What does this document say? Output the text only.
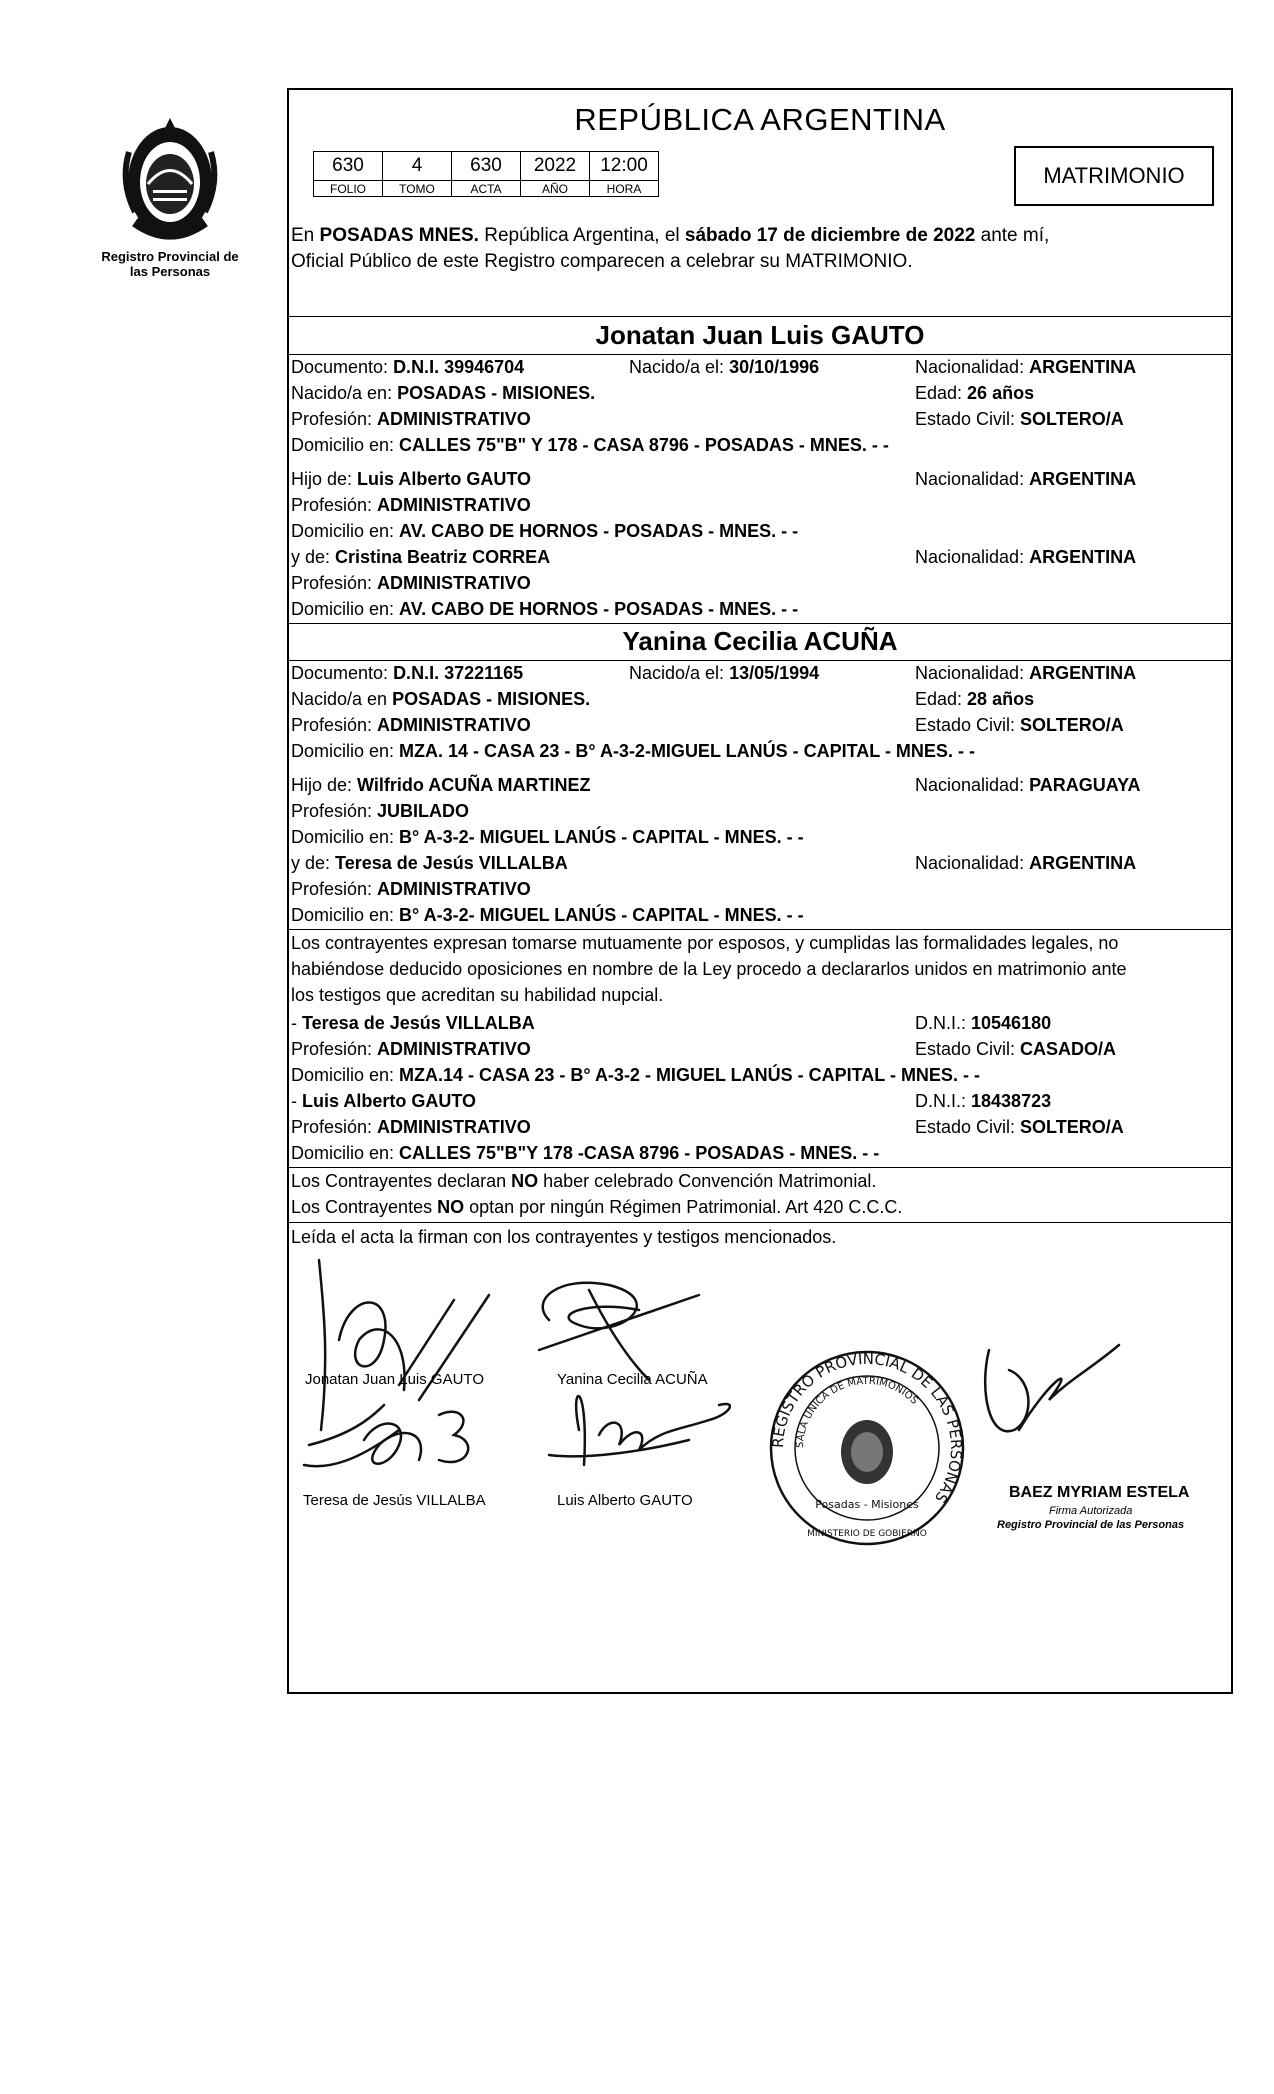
Registro Provincial de las Personas
REPÚBLICA ARGENTINA
630	4	630	2022	12:00
FOLIO	TOMO	ACTA	AÑO	HORA
MATRIMONIO
En POSADAS MNES. República Argentina, el sábado 17 de diciembre de 2022 ante mí,
Oficial Público de este Registro comparecen a celebrar su MATRIMONIO.
Jonatan Juan Luis GAUTO
Documento: D.N.I. 39946704	Nacido/a el: 30/10/1996	Nacionalidad: ARGENTINA
Nacido/a en: POSADAS - MISIONES.	Edad: 26 años
Profesión: ADMINISTRATIVO	Estado Civil: SOLTERO/A
Domicilio en: CALLES 75"B" Y 178 - CASA 8796 - POSADAS - MNES. - -
Hijo de: Luis Alberto GAUTO	Nacionalidad: ARGENTINA
Profesión: ADMINISTRATIVO
Domicilio en: AV. CABO DE HORNOS - POSADAS - MNES. - -
y de: Cristina Beatriz CORREA	Nacionalidad: ARGENTINA
Profesión: ADMINISTRATIVO
Domicilio en: AV. CABO DE HORNOS - POSADAS - MNES. - -
Yanina Cecilia ACUÑA
Documento: D.N.I. 37221165	Nacido/a el: 13/05/1994	Nacionalidad: ARGENTINA
Nacido/a en POSADAS - MISIONES.	Edad: 28 años
Profesión: ADMINISTRATIVO	Estado Civil: SOLTERO/A
Domicilio en: MZA. 14 - CASA 23 - B° A-3-2-MIGUEL LANÚS - CAPITAL - MNES. - -
Hijo de: Wilfrido ACUÑA MARTINEZ	Nacionalidad: PARAGUAYA
Profesión: JUBILADO
Domicilio en: B° A-3-2- MIGUEL LANÚS - CAPITAL - MNES. - -
y de: Teresa de Jesús VILLALBA	Nacionalidad: ARGENTINA
Profesión: ADMINISTRATIVO
Domicilio en: B° A-3-2- MIGUEL LANÚS - CAPITAL - MNES. - -
Los contrayentes expresan tomarse mutuamente por esposos, y cumplidas las formalidades legales, no
habiéndose deducido oposiciones en nombre de la Ley procedo a declararlos unidos en matrimonio ante
los testigos que acreditan su habilidad nupcial.
- Teresa de Jesús VILLALBA	D.N.I.: 10546180
Profesión: ADMINISTRATIVO	Estado Civil: CASADO/A
Domicilio en: MZA.14 - CASA 23 - B° A-3-2 - MIGUEL LANÚS - CAPITAL - MNES. - -
- Luis Alberto GAUTO	D.N.I.: 18438723
Profesión: ADMINISTRATIVO	Estado Civil: SOLTERO/A
Domicilio en: CALLES 75"B"Y 178 -CASA 8796 - POSADAS - MNES. - -
Los Contrayentes declaran NO haber celebrado Convención Matrimonial.
Los Contrayentes NO optan por ningún Régimen Patrimonial. Art 420 C.C.C.
Leída el acta la firman con los contrayentes y testigos mencionados.
Jonatan Juan Luis GAUTO	Yanina Cecilia ACUÑA
Teresa de Jesús VILLALBA	Luis Alberto GAUTO	BAEZ MYRIAM ESTELA
Firma Autorizada
Registro Provincial de las Personas
REGISTRO PROVINCIAL DE LAS PERSONAS
SALA UNICA DE MATRIMONIOS
Posadas - Misiones
MINISTERIO DE GOBIERNO
